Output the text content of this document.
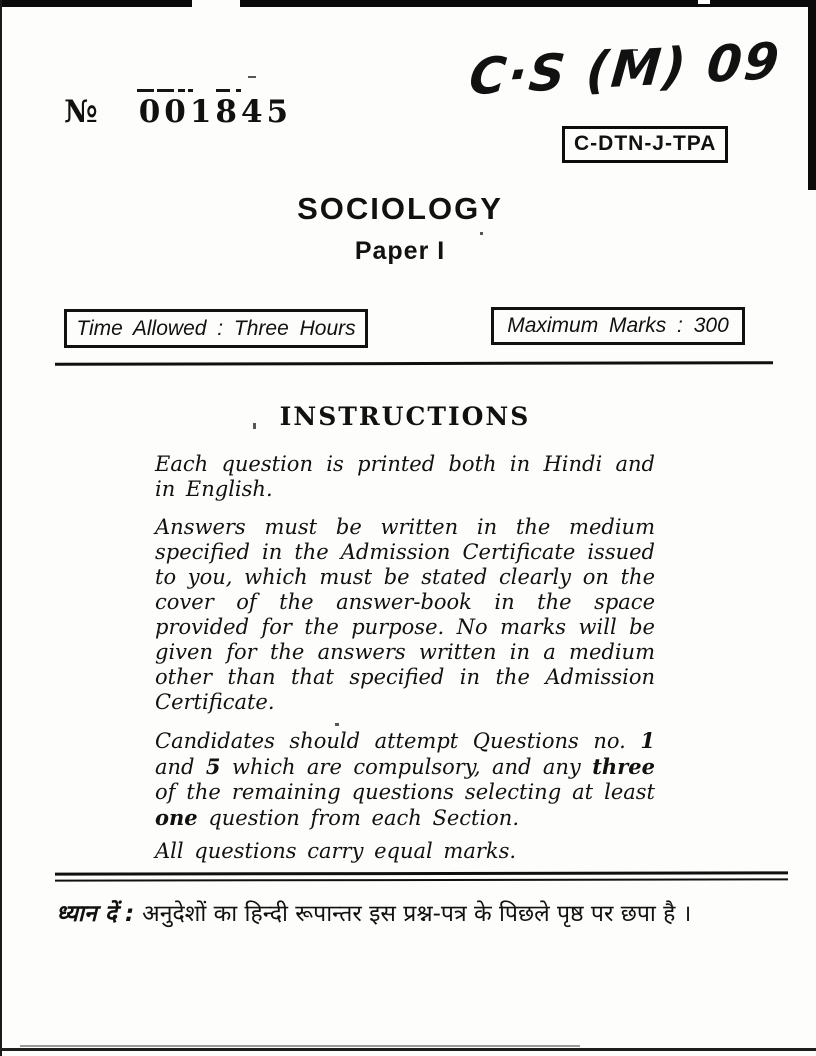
№ 001845
C·S (M) 09
C-DTN-J-TPA
SOCIOLOGY
Paper I
Time Allowed : Three Hours	Maximum Marks : 300
INSTRUCTIONS

Each question is printed both in Hindi and in English.

Answers must be written in the medium specified in the Admission Certificate issued to you, which must be stated clearly on the cover of the answer-book in the space provided for the purpose. No marks will be given for the answers written in a medium other than that specified in the Admission Certificate.

Candidates should attempt Questions no. 1 and 5 which are compulsory, and any three of the remaining questions selecting at least one question from each Section.

All questions carry equal marks.

ध्यान दें : अनुदेशों का हिन्दी रूपान्तर इस प्रश्न-पत्र के पिछले पृष्ठ पर छपा है ।
